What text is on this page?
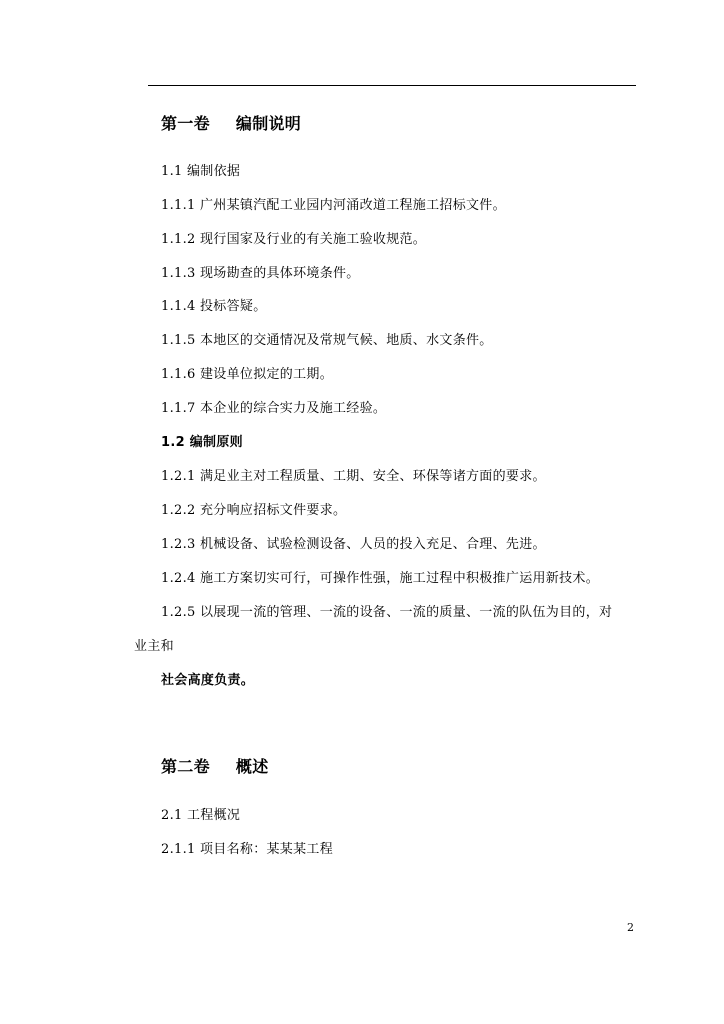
第一卷 编制说明
1.1 编制依据
1.1.1 广州某镇汽配工业园内河涌改道工程施工招标文件。
1.1.2 现行国家及行业的有关施工验收规范。
1.1.3 现场勘查的具体环境条件。
1.1.4 投标答疑。
1.1.5 本地区的交通情况及常规气候、地质、水文条件。
1.1.6 建设单位拟定的工期。
1.1.7 本企业的综合实力及施工经验。
1.2 编制原则
1.2.1 满足业主对工程质量、工期、安全、环保等诸方面的要求。
1.2.2 充分响应招标文件要求。
1.2.3 机械设备、试验检测设备、人员的投入充足、合理、先进。
1.2.4 施工方案切实可行，可操作性强，施工过程中积极推广运用新技术。
1.2.5 以展现一流的管理、一流的设备、一流的质量、一流的队伍为目的，对
业主和
社会高度负责。
第二卷 概述
2.1 工程概况
2.1.1 项目名称：某某某工程
2
